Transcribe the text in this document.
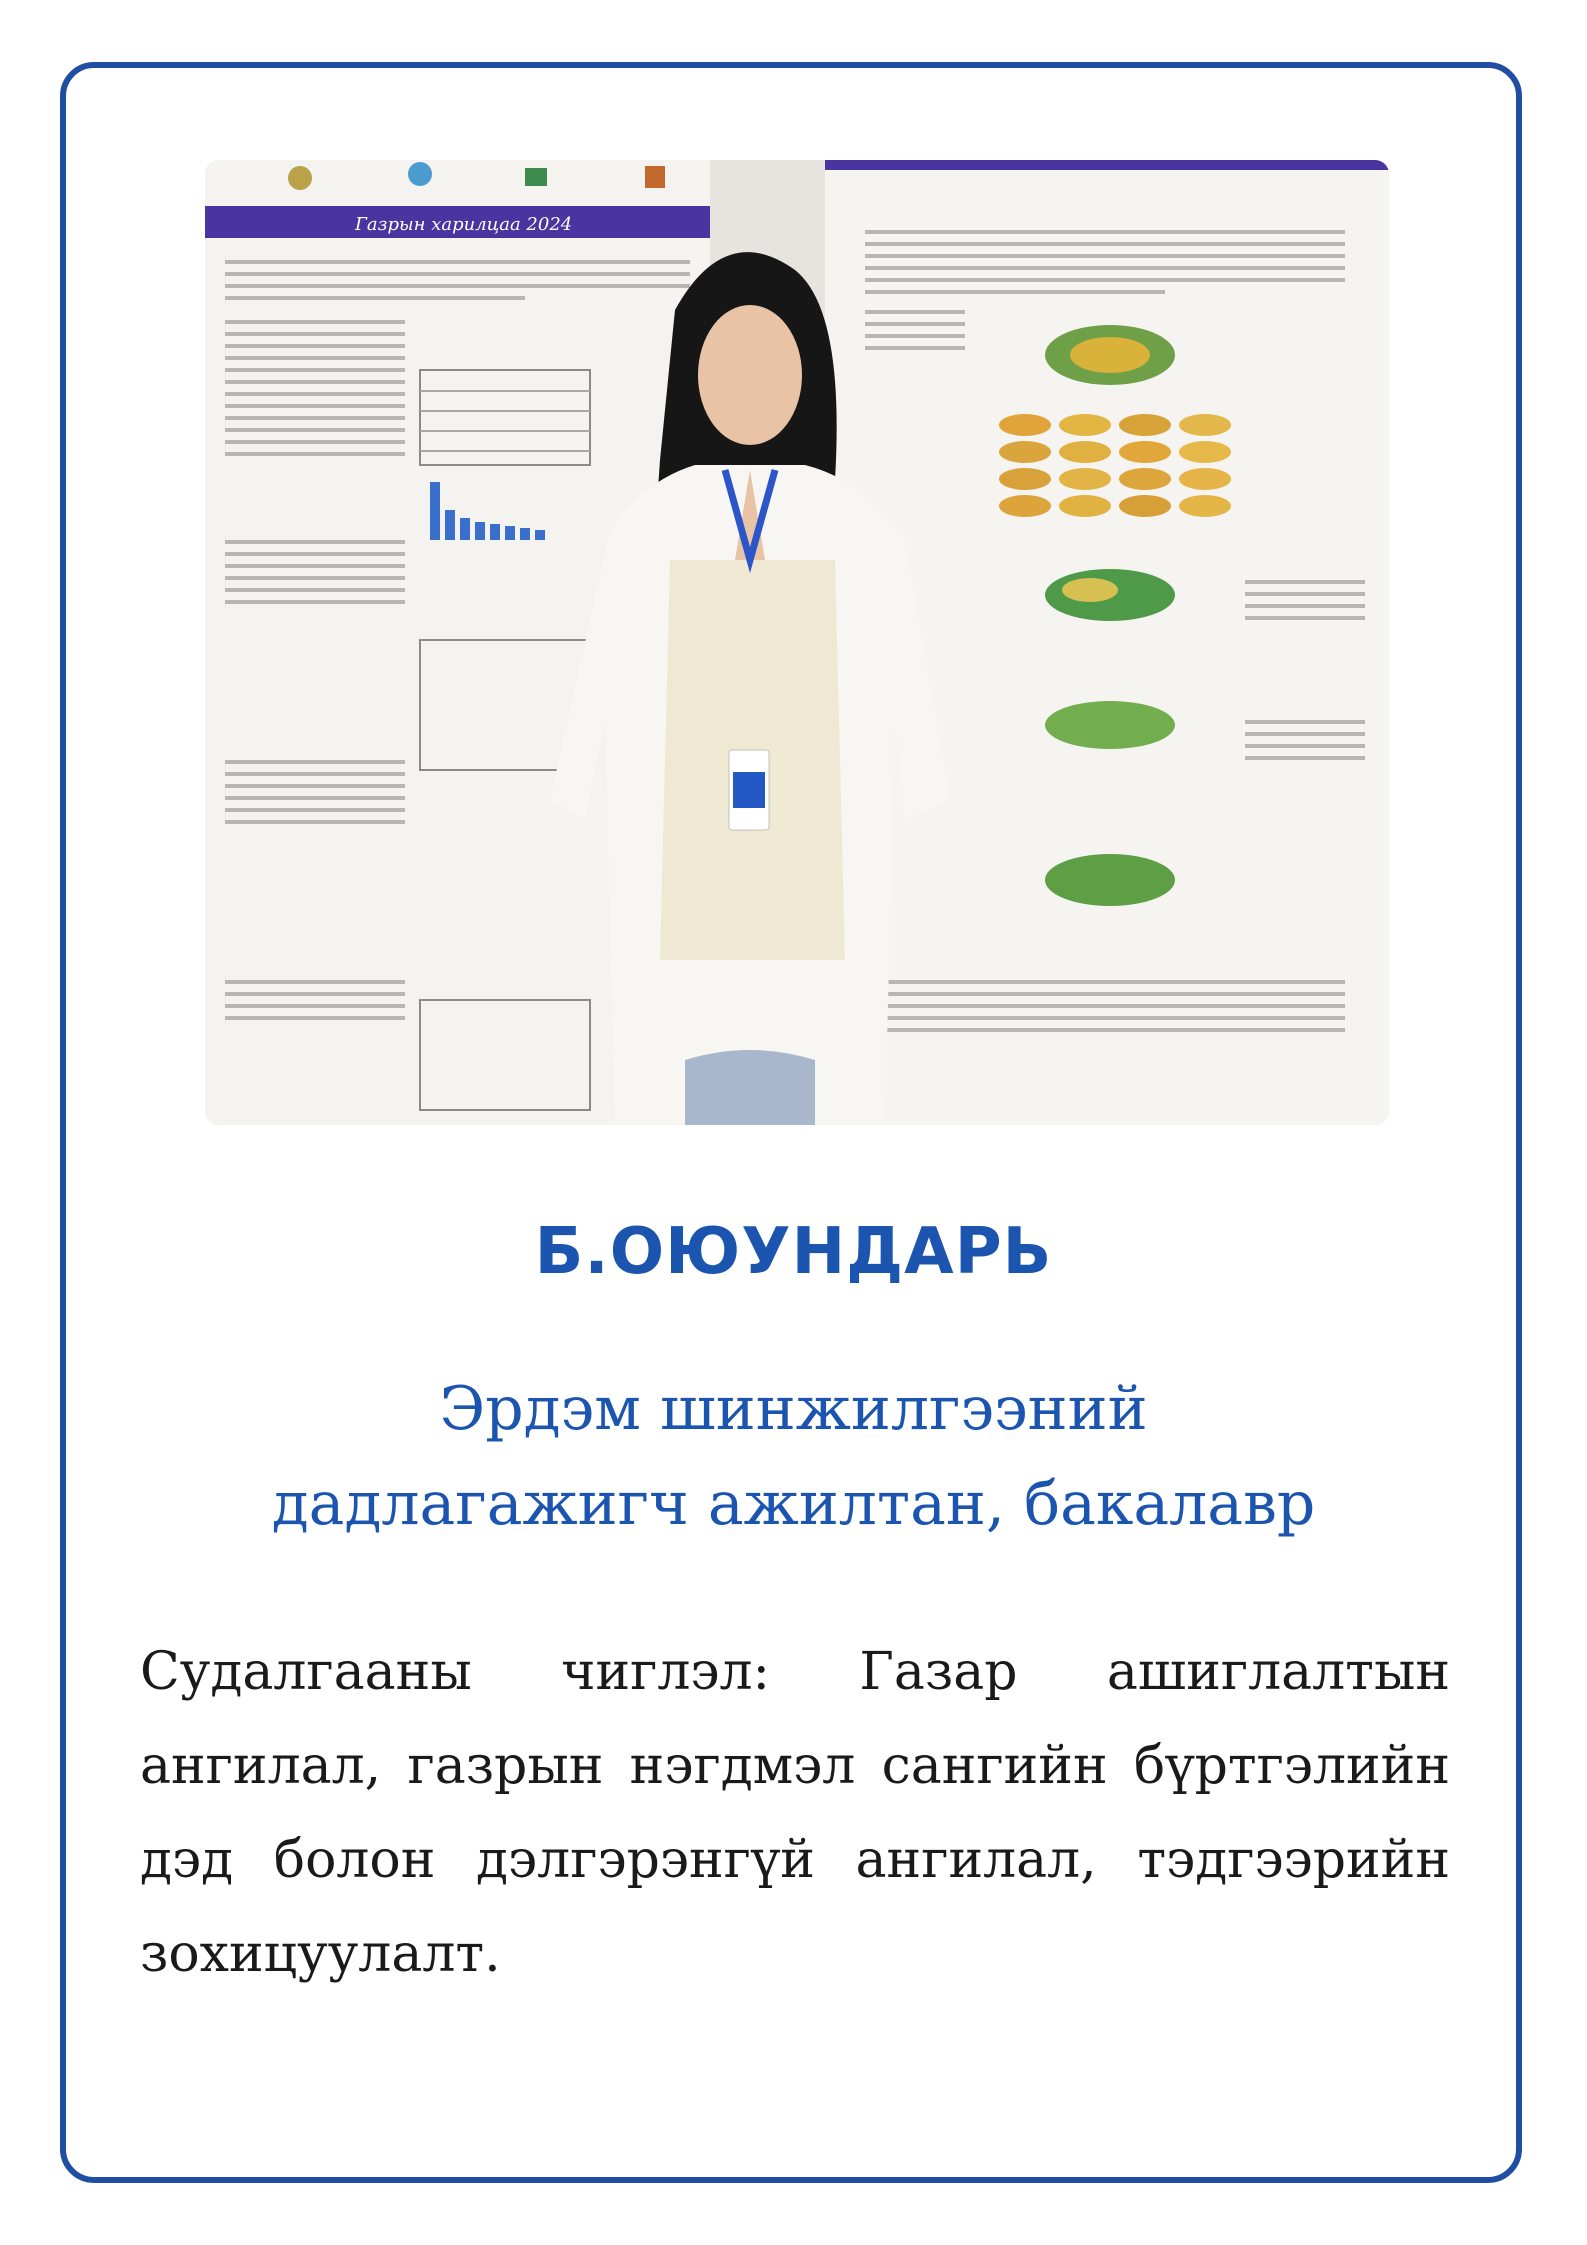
Газрын харилцаа 2024
Б.ОЮУНДАРЬ

Эрдэм шинжилгээний
дадлагажигч ажилтан, бакалавр

Судалгааны чиглэл: Газар ашиглалтын ангилал, газрын нэгдмэл сангийн бүртгэлийн дэд болон дэлгэрэнгүй ангилал, тэдгээрийн зохицуулалт.
